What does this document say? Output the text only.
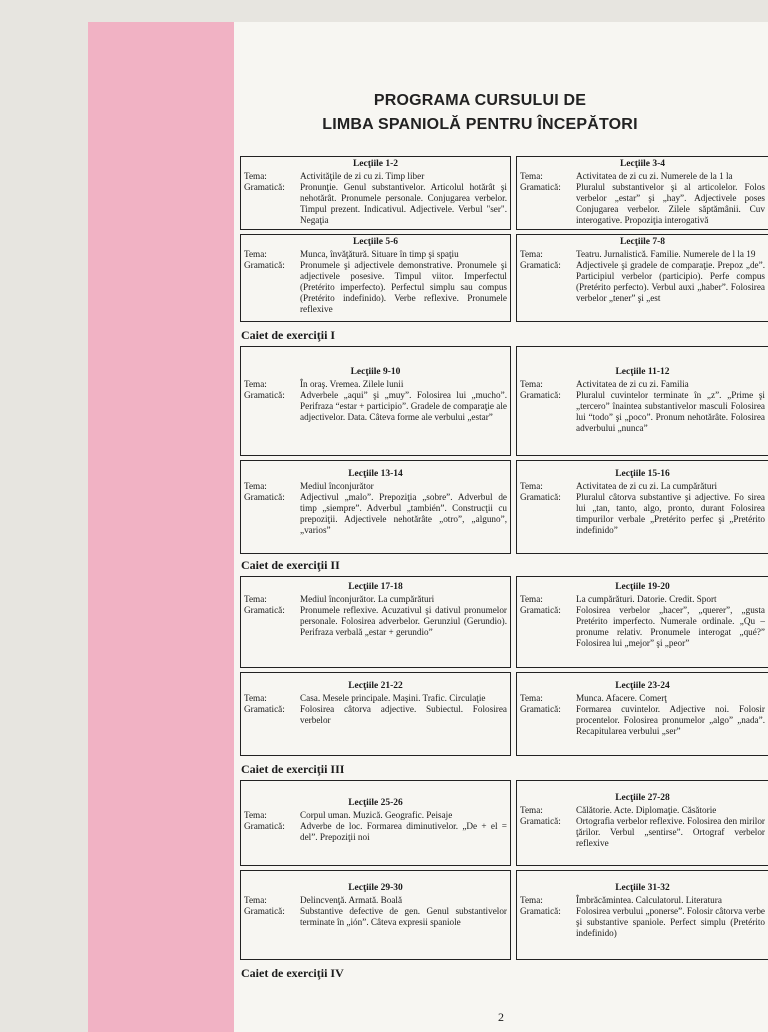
PROGRAMA CURSULUI DE
LIMBA SPANIOLĂ PENTRU ÎNCEPĂTORI
Lecţiile 1-2
Tema:	Activităţile de zi cu zi. Timp liber
Gramatică:	Pronunţie. Genul substantivelor. Articolul hotărât şi nehotărât. Pronumele personale. Conjugarea verbelor. Timpul prezent. Indicativul. Adjectivele. Verbul "ser". Negaţia
Lecţiile 3-4
Tema:	Activitatea de zi cu zi. Numerele de la 1 la
Gramatică:	Pluralul substantivelor şi al articolelor. Folos verbelor „estar” şi „hay”. Adjectivele poses Conjugarea verbelor. Zilele săptămânii. Cuv interogative. Propoziţia interogativă
Lecţiile 5-6
Tema:	Munca, învăţătură. Situare în timp şi spaţiu
Gramatică:	Pronumele şi adjectivele demonstrative. Pronumele şi adjectivele posesive. Timpul viitor. Imperfectul (Pretérito imperfecto). Perfectul simplu sau compus (Pretérito indefinido). Verbe reflexive. Pronumele reflexive
Lecţiile 7-8
Tema:	Teatru. Jurnalistică. Familie. Numerele de l la 19
Gramatică:	Adjectivele şi gradele de comparaţie. Prepoz „de”. Participiul verbelor (participio). Perfe compus (Pretérito perfecto). Verbul auxi „haber”. Folosirea verbelor „tener” şi „est
Caiet de exerciţii I
Lecţiile 9-10
Tema:	În oraş. Vremea. Zilele lunii
Gramatică:	Adverbele „aqui” şi „muy”. Folosirea lui „mucho”. Perifraza “estar + participio”. Gradele de comparaţie ale adjectivelor. Data. Câteva forme ale verbului „estar”
Lecţiile 11-12
Tema:	Activitatea de zi cu zi. Familia
Gramatică:	Pluralul cuvintelor terminate în „z”. „Prime şi „tercero” înaintea substantivelor masculi Folosirea lui “todo” şi „poco”. Pronum nehotărâte. Folosirea adverbului „nunca”
Lecţiile 13-14
Tema:	Mediul înconjurător
Gramatică:	Adjectivul „malo”. Prepoziţia „sobre”. Adverbul de timp „siempre”. Adverbul „también”. Construcţii cu prepoziţii. Adjectivele nehotărâte „otro”, „alguno”, „varios”
Lecţiile 15-16
Tema:	Activitatea de zi cu zi. La cumpărături
Gramatică:	Pluralul câtorva substantive şi adjective. Fo sirea lui „tan, tanto, algo, pronto, durant Folosirea timpurilor verbale „Pretérito perfec şi „Pretérito indefinido”
Caiet de exerciţii II
Lecţiile 17-18
Tema:	Mediul înconjurător. La cumpărături
Gramatică:	Pronumele reflexive. Acuzativul şi dativul pronumelor personale. Folosirea adverbelor. Gerunziul (Gerundio). Perifraza verbală „estar + gerundio”
Lecţiile 19-20
Tema:	La cumpărături. Datorie. Credit. Sport
Gramatică:	Folosirea verbelor „hacer”, „querer”, „gusta Pretérito imperfecto. Numerale ordinale. „Qu – pronume relativ. Pronumele interogat „qué?” Folosirea lui „mejor” şi „peor”
Lecţiile 21-22
Tema:	Casa. Mesele principale. Maşini. Trafic. Circulaţie
Gramatică:	Folosirea câtorva adjective. Subiectul. Folosirea verbelor
Lecţiile 23-24
Tema:	Munca. Afacere. Comerţ
Gramatică:	Formarea cuvintelor. Adjective noi. Folosir procentelor. Folosirea pronumelor „algo” „nada”. Recapitularea verbului „ser”
Caiet de exerciţii III
Lecţiile 25-26
Tema:	Corpul uman. Muzică. Geografic. Peisaje
Gramatică:	Adverbe de loc. Formarea diminutivelor. „De + el = del”. Prepoziţii noi
Lecţiile 27-28
Tema:	Călătorie. Acte. Diplomaţie. Căsătorie
Gramatică:	Ortografia verbelor reflexive. Folosirea den mirilor ţărilor. Verbul „sentirse”. Ortograf verbelor reflexive
Lecţiile 29-30
Tema:	Delincvenţă. Armată. Boală
Gramatică:	Substantive defective de gen. Genul substantivelor terminate în „ión”. Câteva expresii spaniole
Lecţiile 31-32
Tema:	Îmbrăcămintea. Calculatorul. Literatura
Gramatică:	Folosirea verbului „ponerse”. Folosir câtorva verbe şi substantive spaniole. Perfect simplu (Pretérito indefinido)
Caiet de exerciţii IV
2
